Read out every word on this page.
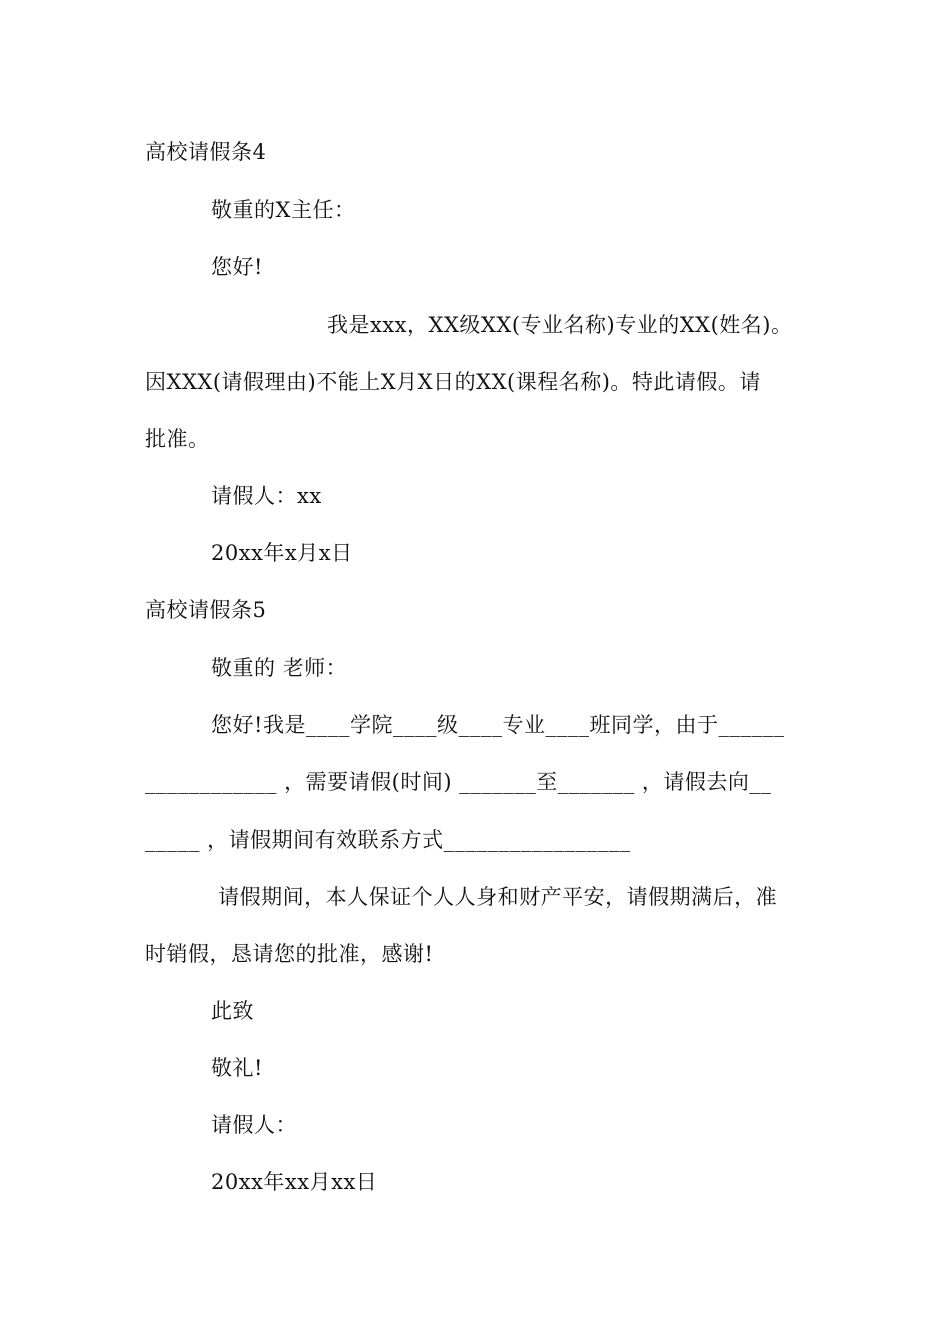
高校请假条4
敬重的X主任：
您好!
我是xxx，XX级XX(专业名称)专业的XX(姓名)。
因XXX(请假理由)不能上X月X日的XX(课程名称)。特此请假。请
批准。
请假人：xx
20xx年x月x日
高校请假条5
敬重的 老师：
您好!我是____学院____级____专业____班同学，由于______
____________ ，需要请假(时间) _______至_______ ，请假去向__
_____ ，请假期间有效联系方式_________________
请假期间，本人保证个人人身和财产平安，请假期满后，准
时销假，恳请您的批准，感谢!
此致
敬礼!
请假人：
20xx年xx月xx日
